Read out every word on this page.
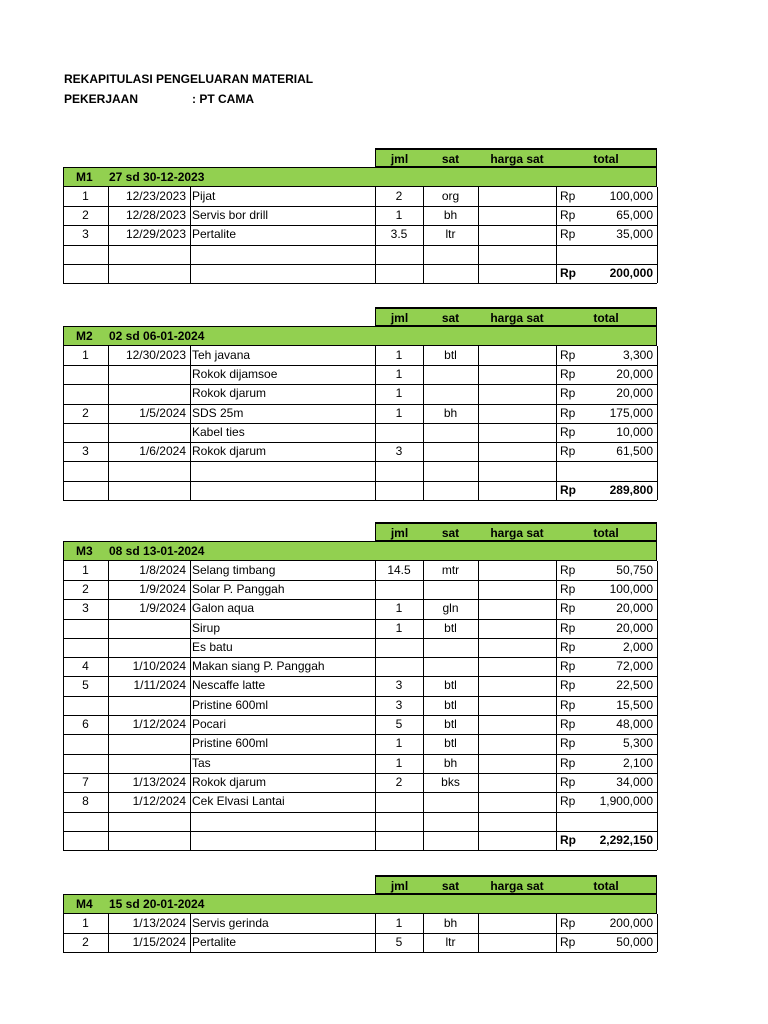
REKAPITULASI PENGELUARAN MATERIAL
PEKERJAAN	: PT CAMA
jml	sat	harga sat	total
M1 27 sd 30-12-2023
1	12/23/2023 Pijat	2	org	Rp	100,000
2	12/28/2023 Servis bor drill	1	bh	Rp	65,000
3	12/29/2023 Pertalite	3.5	ltr	Rp	35,000
Rp	200,000
jml	sat	harga sat	total
M2 02 sd 06-01-2024
1	12/30/2023 Teh javana	1	btl	Rp	3,300
Rokok dijamsoe	1	Rp	20,000
Rokok djarum	1	Rp	20,000
2	1/5/2024 SDS 25m	1	bh	Rp	175,000
Kabel ties	Rp	10,000
3	1/6/2024 Rokok djarum	3	Rp	61,500
Rp	289,800
jml	sat	harga sat	total
M3 08 sd 13-01-2024
1	1/8/2024 Selang timbang	14.5	mtr	Rp	50,750
2	1/9/2024 Solar P. Panggah	Rp	100,000
3	1/9/2024 Galon aqua	1	gln	Rp	20,000
Sirup	1	btl	Rp	20,000
Es batu	Rp	2,000
4	1/10/2024 Makan siang P. Panggah	Rp	72,000
5	1/11/2024 Nescaffe latte	3	btl	Rp	22,500
Pristine 600ml	3	btl	Rp	15,500
6	1/12/2024 Pocari	5	btl	Rp	48,000
Pristine 600ml	1	btl	Rp	5,300
Tas	1	bh	Rp	2,100
7	1/13/2024 Rokok djarum	2	bks	Rp	34,000
8	1/12/2024 Cek Elvasi Lantai	Rp	1,900,000
Rp	2,292,150
jml	sat	harga sat	total
M4 15 sd 20-01-2024
1	1/13/2024 Servis gerinda	1	bh	Rp	200,000
2	1/15/2024 Pertalite	5	ltr	Rp	50,000
